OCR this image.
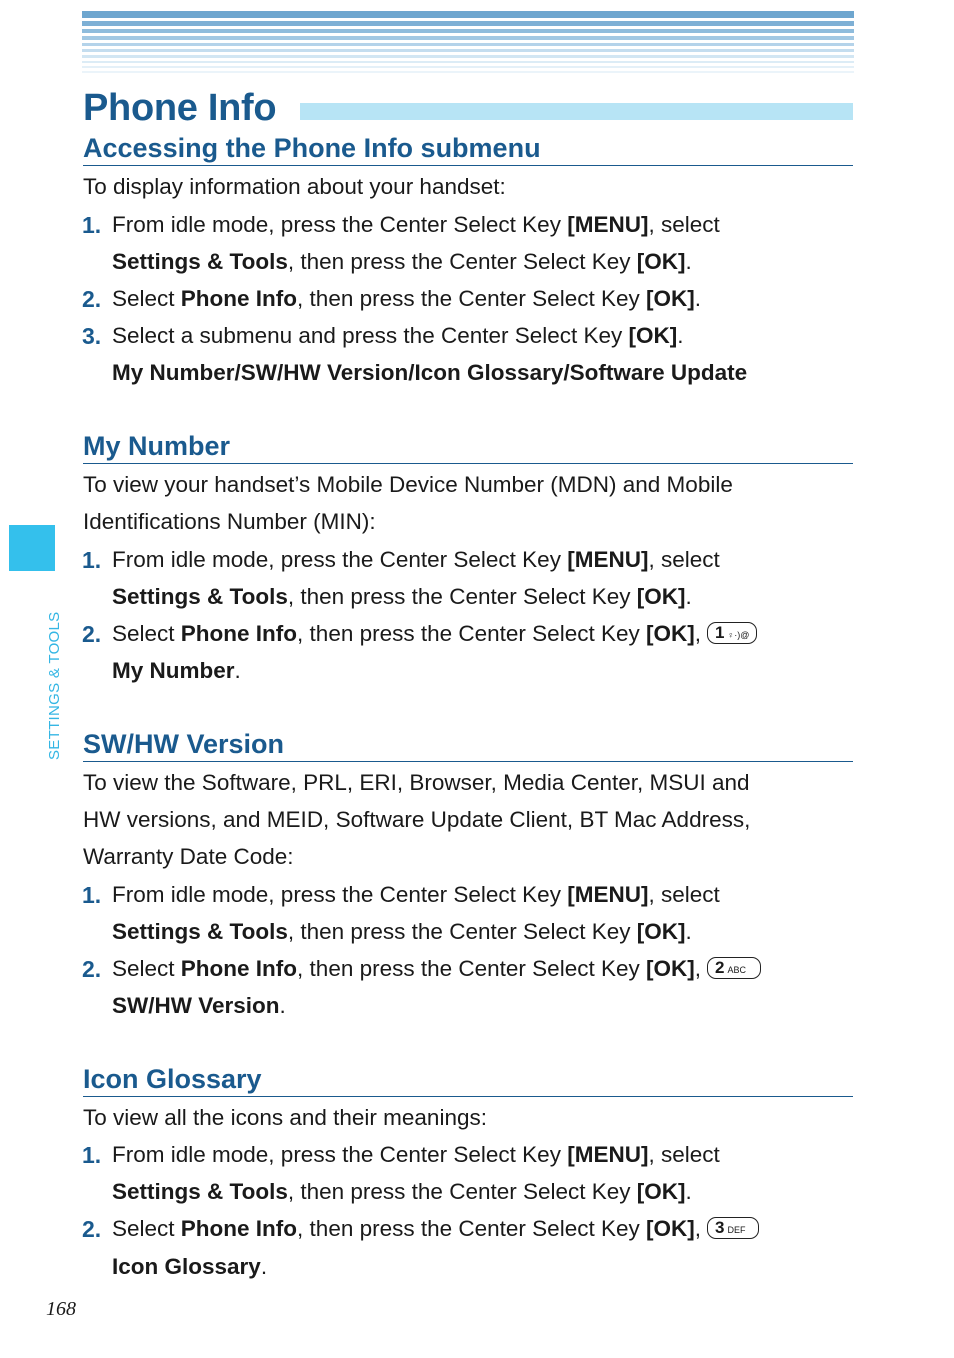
Phone Info
SETTINGS & TOOLS
Accessing the Phone Info submenu
To display information about your handset:
1. From idle mode, press the Center Select Key [MENU], select
Settings & Tools, then press the Center Select Key [OK].
2. Select Phone Info, then press the Center Select Key [OK].
3. Select a submenu and press the Center Select Key [OK].
My Number/SW/HW Version/Icon Glossary/Software Update
My Number
To view your handset’s Mobile Device Number (MDN) and Mobile
Identifications Number (MIN):
1. From idle mode, press the Center Select Key [MENU], select
Settings & Tools, then press the Center Select Key [OK].
2. Select Phone Info, then press the Center Select Key [OK], 1 ♀·)@
My Number.
SW/HW Version
To view the Software, PRL, ERI, Browser, Media Center, MSUI and
HW versions, and MEID, Software Update Client, BT Mac Address,
Warranty Date Code:
1. From idle mode, press the Center Select Key [MENU], select
Settings & Tools, then press the Center Select Key [OK].
2. Select Phone Info, then press the Center Select Key [OK], 2 ABC
SW/HW Version.
Icon Glossary
To view all the icons and their meanings:
1. From idle mode, press the Center Select Key [MENU], select
Settings & Tools, then press the Center Select Key [OK].
2. Select Phone Info, then press the Center Select Key [OK], 3 DEF
Icon Glossary.
168
